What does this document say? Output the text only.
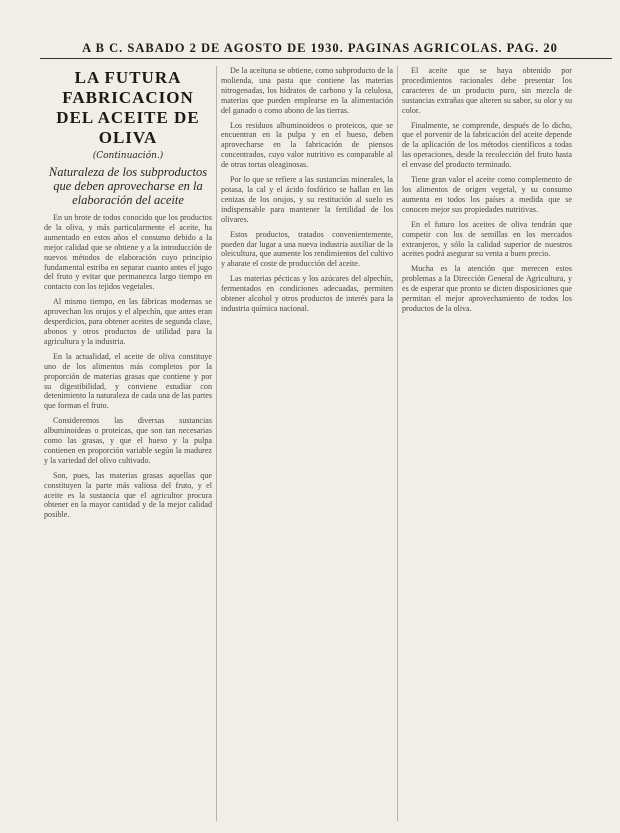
A B C. SABADO 2 DE AGOSTO DE 1930. PAGINAS AGRICOLAS. PAG. 20
LA FUTURA FABRICACION DEL ACEITE DE OLIVA
(Continuación.)
Naturaleza de los subproductos que deben aprovecharse en la elaboración del aceite

En un brote de todos conocido que los productos de la oliva, y más particularmente el aceite, ha aumentado en estos años el consumo debido a la mejor calidad que se obtiene y a la introducción de nuevos métodos de elaboración cuyo principio fundamental estriba en separar cuanto antes el jugo del fruto y evitar que permanezca largo tiempo en contacto con los tejidos vegetales.

Al mismo tiempo, en las fábricas modernas se aprovechan los orujos y el alpechín, que antes eran desperdicios, para obtener aceites de segunda clase, abonos y otros productos de utilidad para la agricultura y la industria.

En la actualidad, el aceite de oliva constituye uno de los alimentos más completos por la proporción de materias grasas que contiene y por su digestibilidad, y conviene estudiar con detenimiento la naturaleza de cada una de las partes que forman el fruto.

Consideremos las diversas sustancias albuminoideas o proteicas, que son tan necesarias como las grasas, y que el hueso y la pulpa contienen en proporción variable según la madurez y la variedad del olivo cultivado.

Son, pues, las materias grasas aquellas que constituyen la parte más valiosa del fruto, y el aceite es la sustancia que el agricultor procura obtener en la mayor cantidad y de la mejor calidad posible.

De la aceituna se obtiene, como subproducto de la molienda, una pasta que contiene las materias nitrogenadas, los hidratos de carbono y la celulosa, materias que pueden emplearse en la alimentación del ganado o como abono de las tierras.

Los residuos albuminoideos o proteicos, que se encuentran en la pulpa y en el hueso, deben aprovecharse en la fabricación de piensos concentrados, cuyo valor nutritivo es comparable al de otras tortas oleaginosas.

Por lo que se refiere a las sustancias minerales, la potasa, la cal y el ácido fosfórico se hallan en las cenizas de los orujos, y su restitución al suelo es indispensable para mantener la fertilidad de los olivares.

Estos productos, tratados convenientemente, pueden dar lugar a una nueva industria auxiliar de la oleicultura, que aumente los rendimientos del cultivo y abarate el coste de producción del aceite.

Las materias pécticas y los azúcares del alpechín, fermentados en condiciones adecuadas, permiten obtener alcohol y otros productos de interés para la industria química nacional.

El aceite que se haya obtenido por procedimientos racionales debe presentar los caracteres de un producto puro, sin mezcla de sustancias extrañas que alteren su sabor, su olor y su color.

Finalmente, se comprende, después de lo dicho, que el porvenir de la fabricación del aceite depende de la aplicación de los métodos científicos a todas las operaciones, desde la recolección del fruto hasta el envase del producto terminado.

Tiene gran valor el aceite como complemento de los alimentos de origen vegetal, y su consumo aumenta en todos los países a medida que se conocen mejor sus propiedades nutritivas.

En el futuro los aceites de oliva tendrán que competir con los de semillas en los mercados extranjeros, y sólo la calidad superior de nuestros aceites podrá asegurar su venta a buen precio.

Mucha es la atención que merecen estos problemas a la Dirección General de Agricultura, y es de esperar que pronto se dicten disposiciones que permitan el mejor aprovechamiento de todos los productos de la oliva.
